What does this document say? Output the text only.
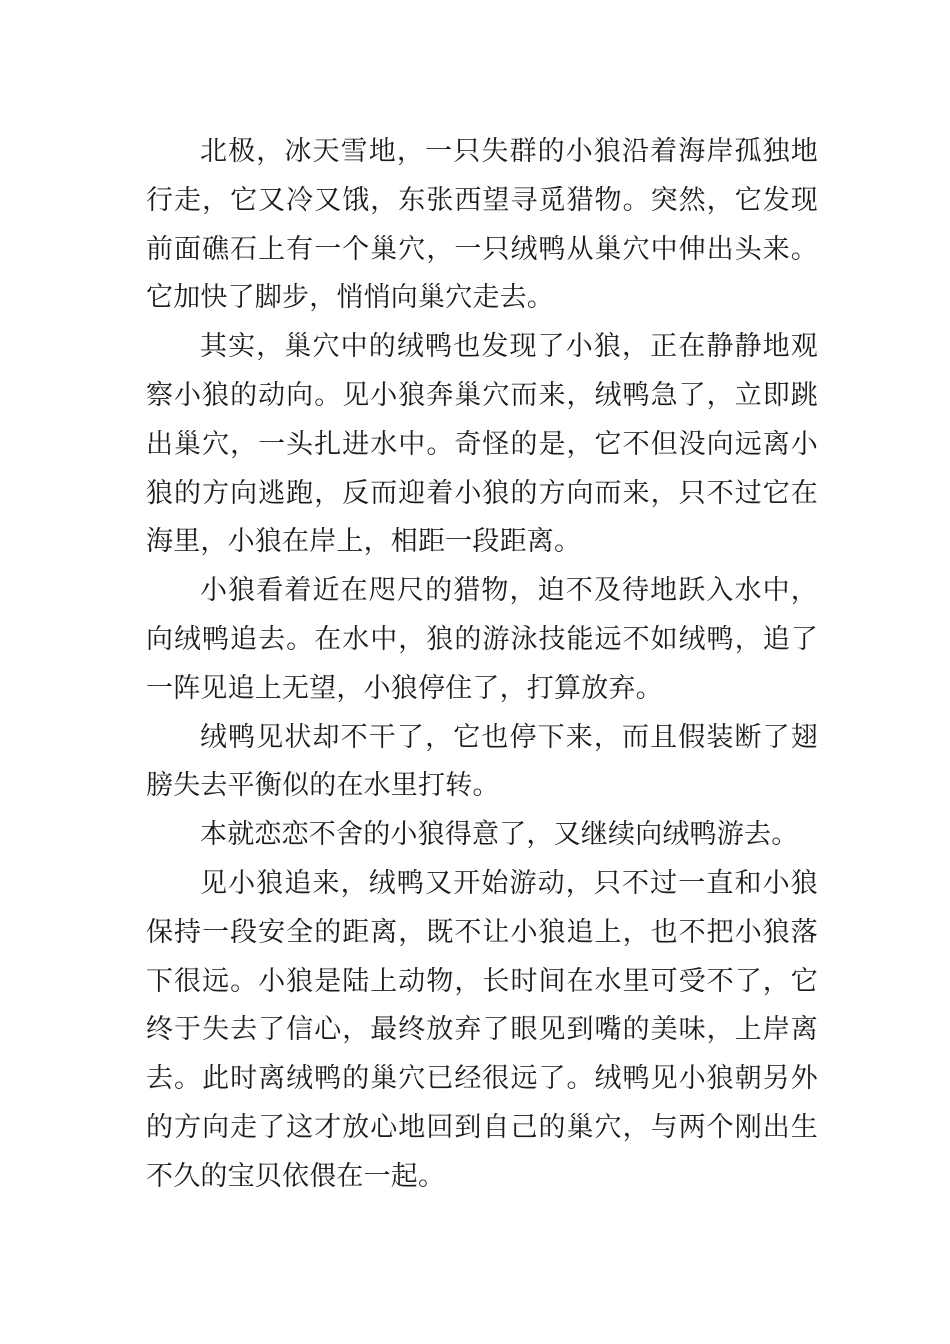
北极，冰天雪地，一只失群的小狼沿着海岸孤独地行走，它又冷又饿，东张西望寻觅猎物。突然，它发现前面礁石上有一个巢穴，一只绒鸭从巢穴中伸出头来。它加快了脚步，悄悄向巢穴走去。

其实，巢穴中的绒鸭也发现了小狼，正在静静地观察小狼的动向。见小狼奔巢穴而来，绒鸭急了，立即跳出巢穴，一头扎进水中。奇怪的是，它不但没向远离小狼的方向逃跑，反而迎着小狼的方向而来，只不过它在海里，小狼在岸上，相距一段距离。

小狼看着近在咫尺的猎物，迫不及待地跃入水中，向绒鸭追去。在水中，狼的游泳技能远不如绒鸭，追了一阵见追上无望，小狼停住了，打算放弃。

绒鸭见状却不干了，它也停下来，而且假装断了翅膀失去平衡似的在水里打转。

本就恋恋不舍的小狼得意了，又继续向绒鸭游去。

见小狼追来，绒鸭又开始游动，只不过一直和小狼保持一段安全的距离，既不让小狼追上，也不把小狼落下很远。小狼是陆上动物，长时间在水里可受不了，它终于失去了信心，最终放弃了眼见到嘴的美味，上岸离去。此时离绒鸭的巢穴已经很远了。绒鸭见小狼朝另外的方向走了这才放心地回到自己的巢穴，与两个刚出生不久的宝贝依偎在一起。
